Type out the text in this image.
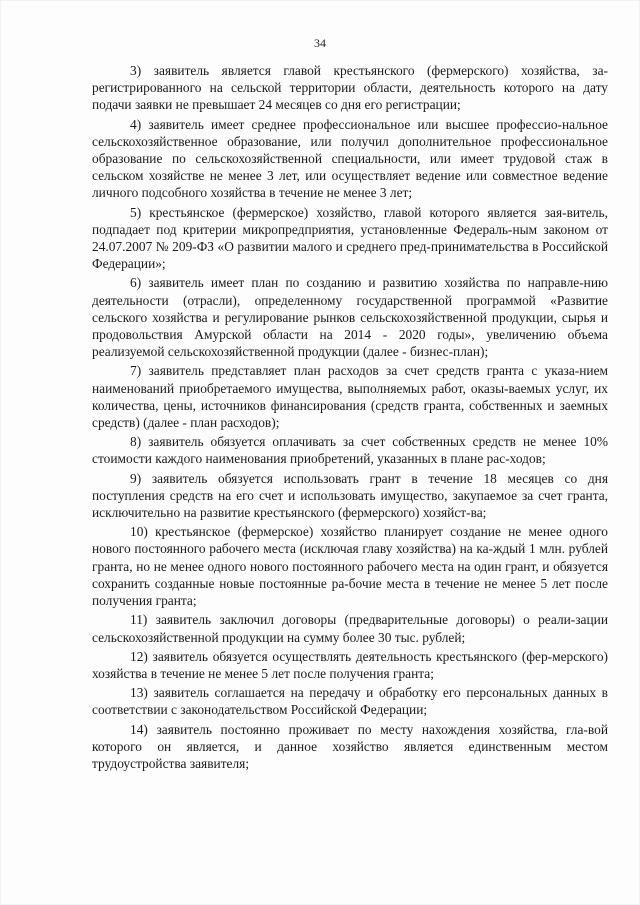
34

3) заявитель является главой крестьянского (фермерского) хозяйства, за-регистрированного на сельской территории области, деятельность которого на дату подачи заявки не превышает 24 месяцев со дня его регистрации;

4) заявитель имеет среднее профессиональное или высшее профессио-нальное сельскохозяйственное образование, или получил дополнительное профессиональное образование по сельскохозяйственной специальности, или имеет трудовой стаж в сельском хозяйстве не менее 3 лет, или осуществляет ведение или совместное ведение личного подсобного хозяйства в течение не менее 3 лет;

5) крестьянское (фермерское) хозяйство, главой которого является зая-витель, подпадает под критерии микропредприятия, установленные Федераль-ным законом от 24.07.2007 № 209-ФЗ «О развитии малого и среднего пред-принимательства в Российской Федерации»;

6) заявитель имеет план по созданию и развитию хозяйства по направле-нию деятельности (отрасли), определенному государственной программой «Развитие сельского хозяйства и регулирование рынков сельскохозяйственной продукции, сырья и продовольствия Амурской области на 2014 - 2020 годы», увеличению объема реализуемой сельскохозяйственной продукции (далее - бизнес-план);

7) заявитель представляет план расходов за счет средств гранта с указа-нием наименований приобретаемого имущества, выполняемых работ, оказы-ваемых услуг, их количества, цены, источников финансирования (средств гранта, собственных и заемных средств) (далее - план расходов);

8) заявитель обязуется оплачивать за счет собственных средств не менее 10% стоимости каждого наименования приобретений, указанных в плане рас-ходов;

9) заявитель обязуется использовать грант в течение 18 месяцев со дня поступления средств на его счет и использовать имущество, закупаемое за счет гранта, исключительно на развитие крестьянского (фермерского) хозяйст-ва;

10) крестьянское (фермерское) хозяйство планирует создание не менее одного нового постоянного рабочего места (исключая главу хозяйства) на ка-ждый 1 млн. рублей гранта, но не менее одного нового постоянного рабочего места на один грант, и обязуется сохранить созданные новые постоянные ра-бочие места в течение не менее 5 лет после получения гранта;

11) заявитель заключил договоры (предварительные договоры) о реали-зации сельскохозяйственной продукции на сумму более 30 тыс. рублей;

12) заявитель обязуется осуществлять деятельность крестьянского (фер-мерского) хозяйства в течение не менее 5 лет после получения гранта;

13) заявитель соглашается на передачу и обработку его персональных данных в соответствии с законодательством Российской Федерации;

14) заявитель постоянно проживает по месту нахождения хозяйства, гла-вой которого он является, и данное хозяйство является единственным местом трудоустройства заявителя;
